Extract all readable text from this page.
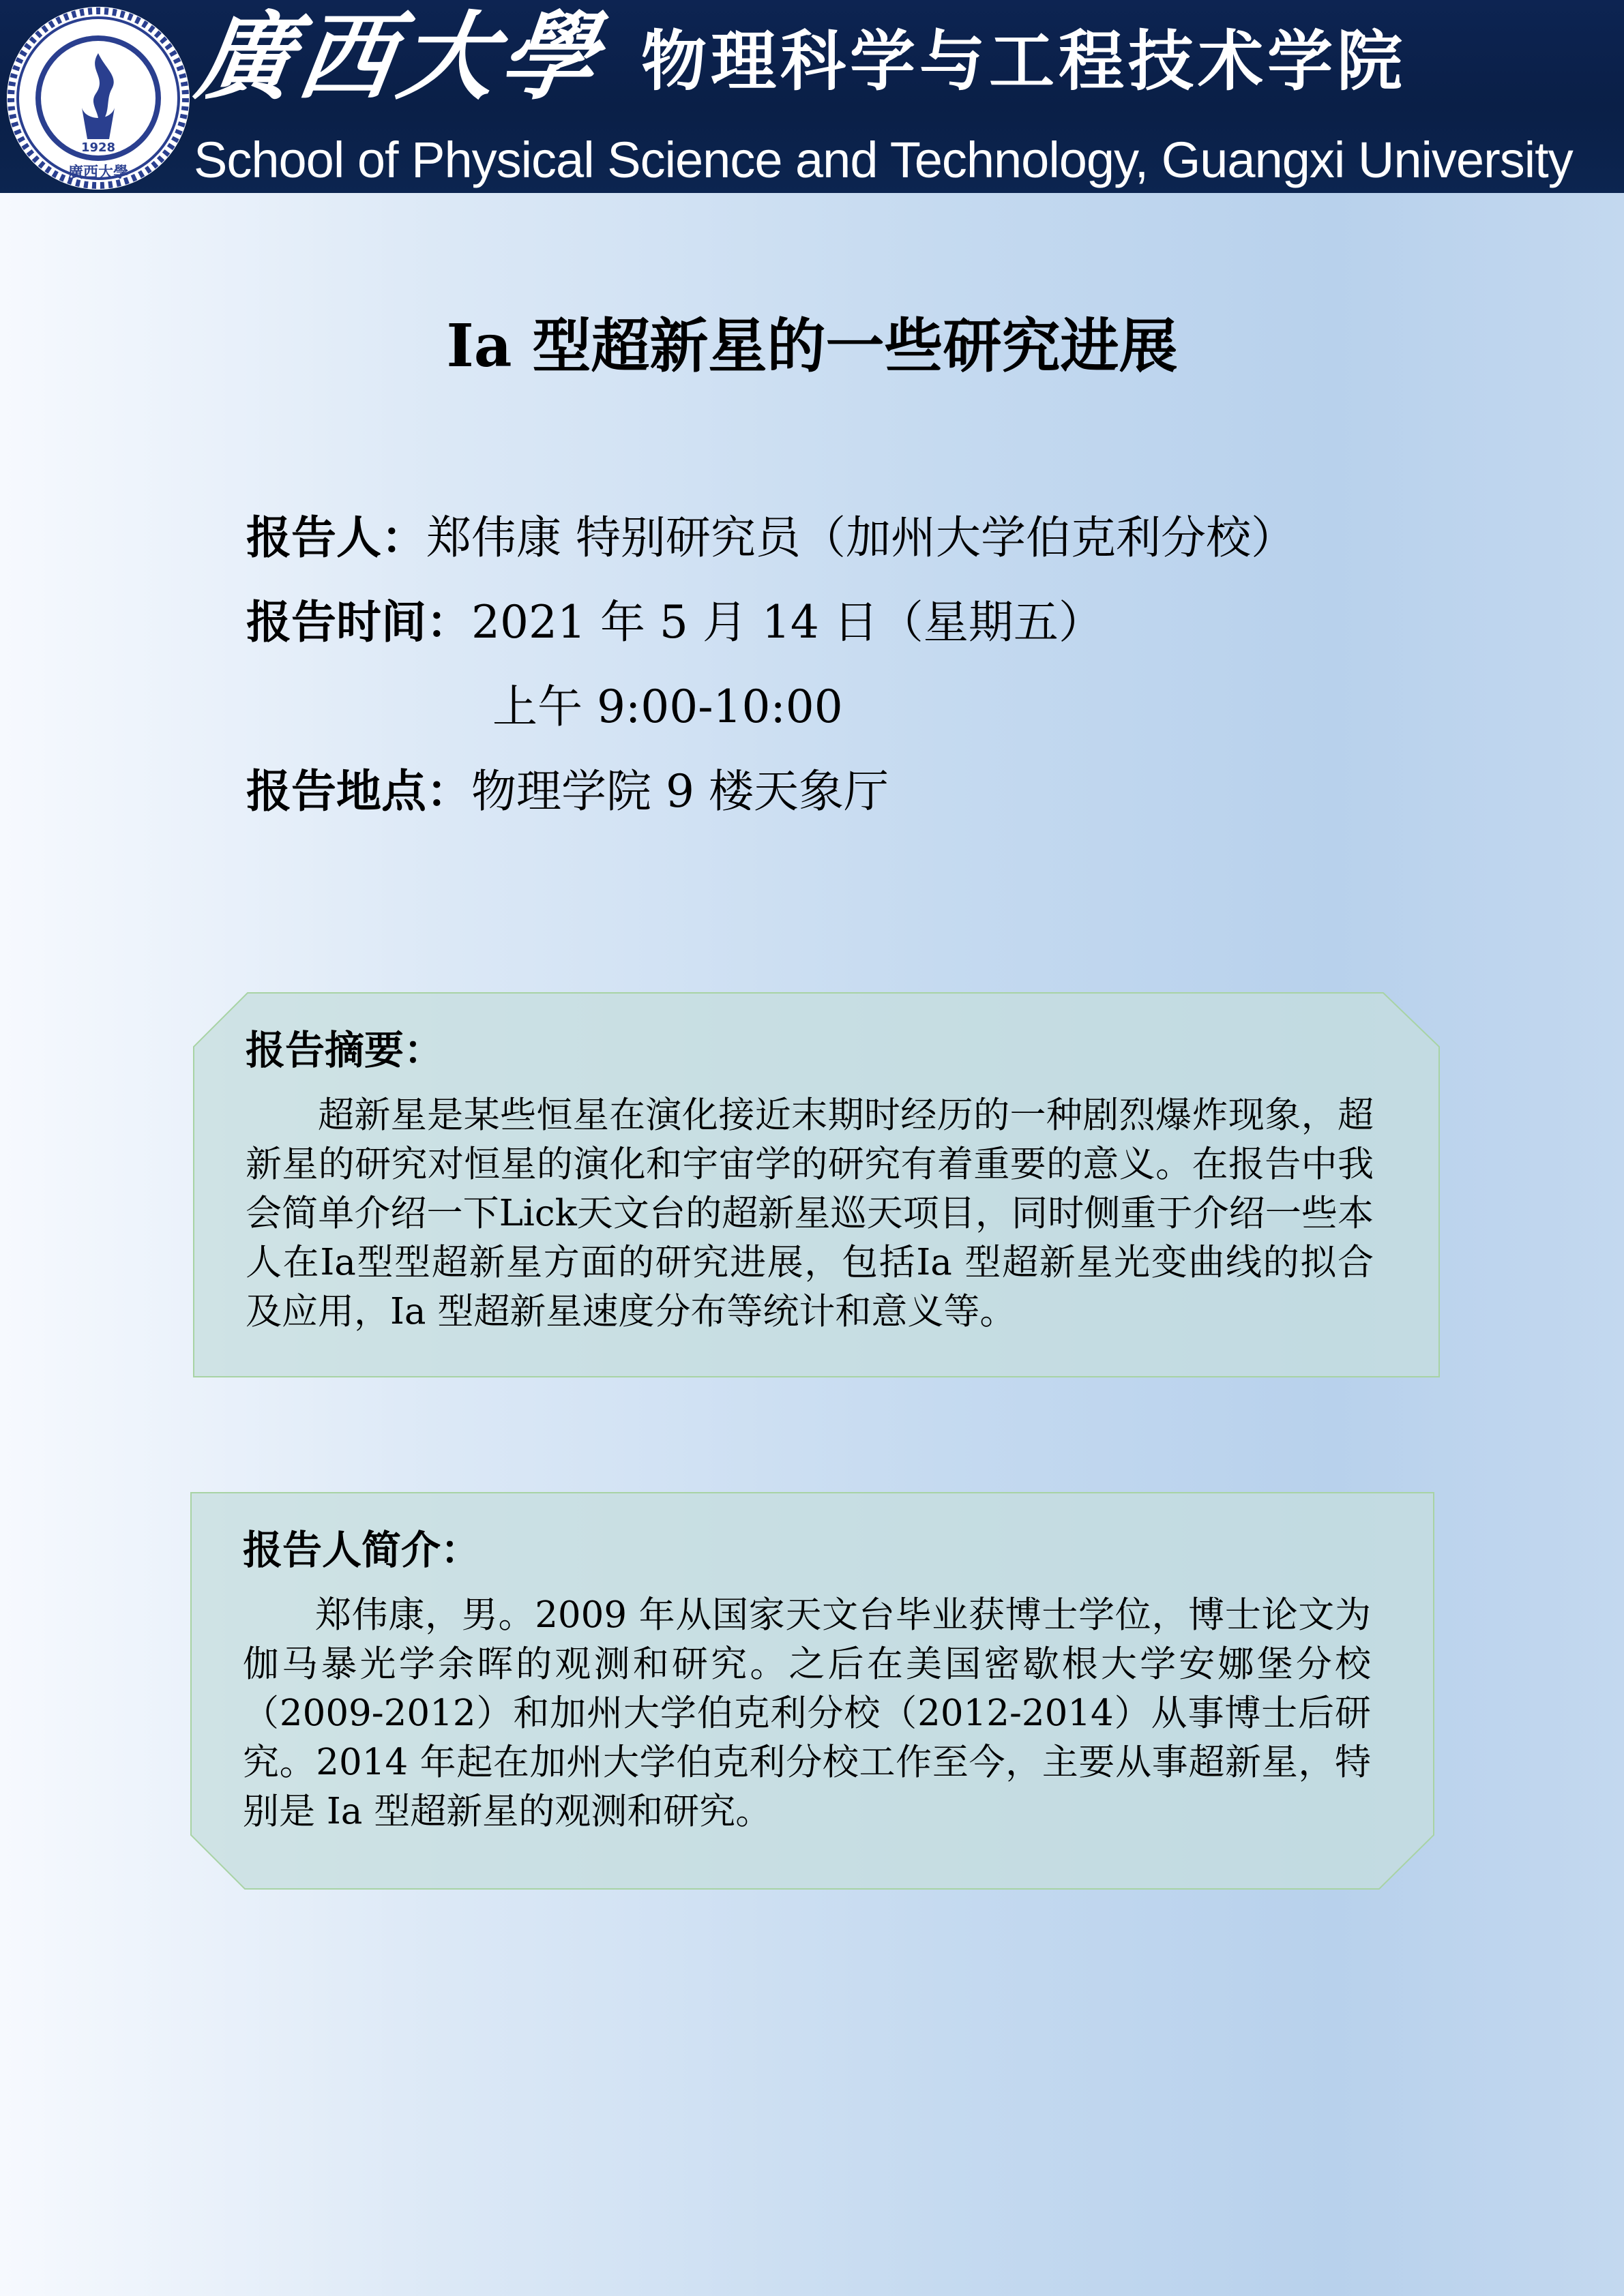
1928
廣西大學
廣西大學 物理科学与工程技术学院
School of Physical Science and Technology, Guangxi University
Ia 型超新星的一些研究进展
报告人：郑伟康 特别研究员（加州大学伯克利分校）
报告时间：2021 年 5 月 14 日（星期五）
上午 9:00-10:00
报告地点：物理学院 9 楼天象厅
报告摘要：
超新星是某些恒星在演化接近末期时经历的一种剧烈爆炸现象，超新星的研究对恒星的演化和宇宙学的研究有着重要的意义。在报告中我会简单介绍一下Lick天文台的超新星巡天项目，同时侧重于介绍一些本人在Ia型型超新星方面的研究进展，包括Ia 型超新星光变曲线的拟合及应用，Ia 型超新星速度分布等统计和意义等。
报告人简介：
郑伟康，男。2009 年从国家天文台毕业获博士学位，博士论文为伽马暴光学余晖的观测和研究。之后在美国密歇根大学安娜堡分校（2009-2012）和加州大学伯克利分校（2012-2014）从事博士后研究。2014 年起在加州大学伯克利分校工作至今，主要从事超新星，特别是 Ia 型超新星的观测和研究。
